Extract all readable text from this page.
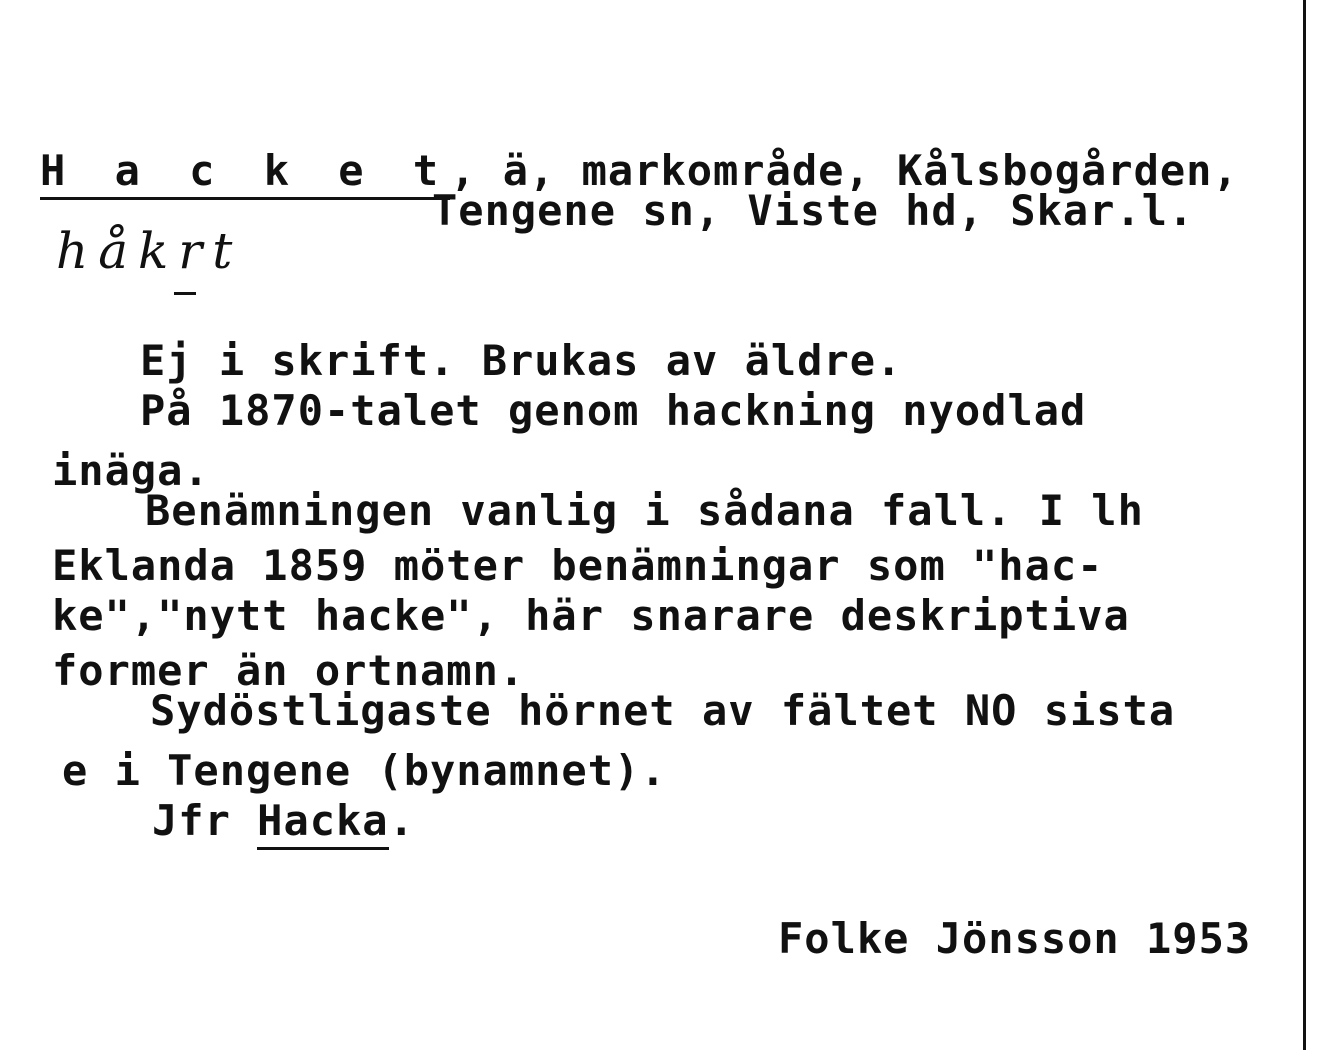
H a c k e t, ä, markområde, Kålsbogården,
Tengene sn, Viste hd, Skar.l.
håkrt
Ej i skrift. Brukas av äldre.
På 1870-talet genom hackning nyodlad
inäga.
Benämningen vanlig i sådana fall. I lh
Eklanda 1859 möter benämningar som "hac-
ke","nytt hacke", här snarare deskriptiva
former än ortnamn.
Sydöstligaste hörnet av fältet NO sista
e i Tengene (bynamnet).
Jfr Hacka.
Folke Jönsson 1953
